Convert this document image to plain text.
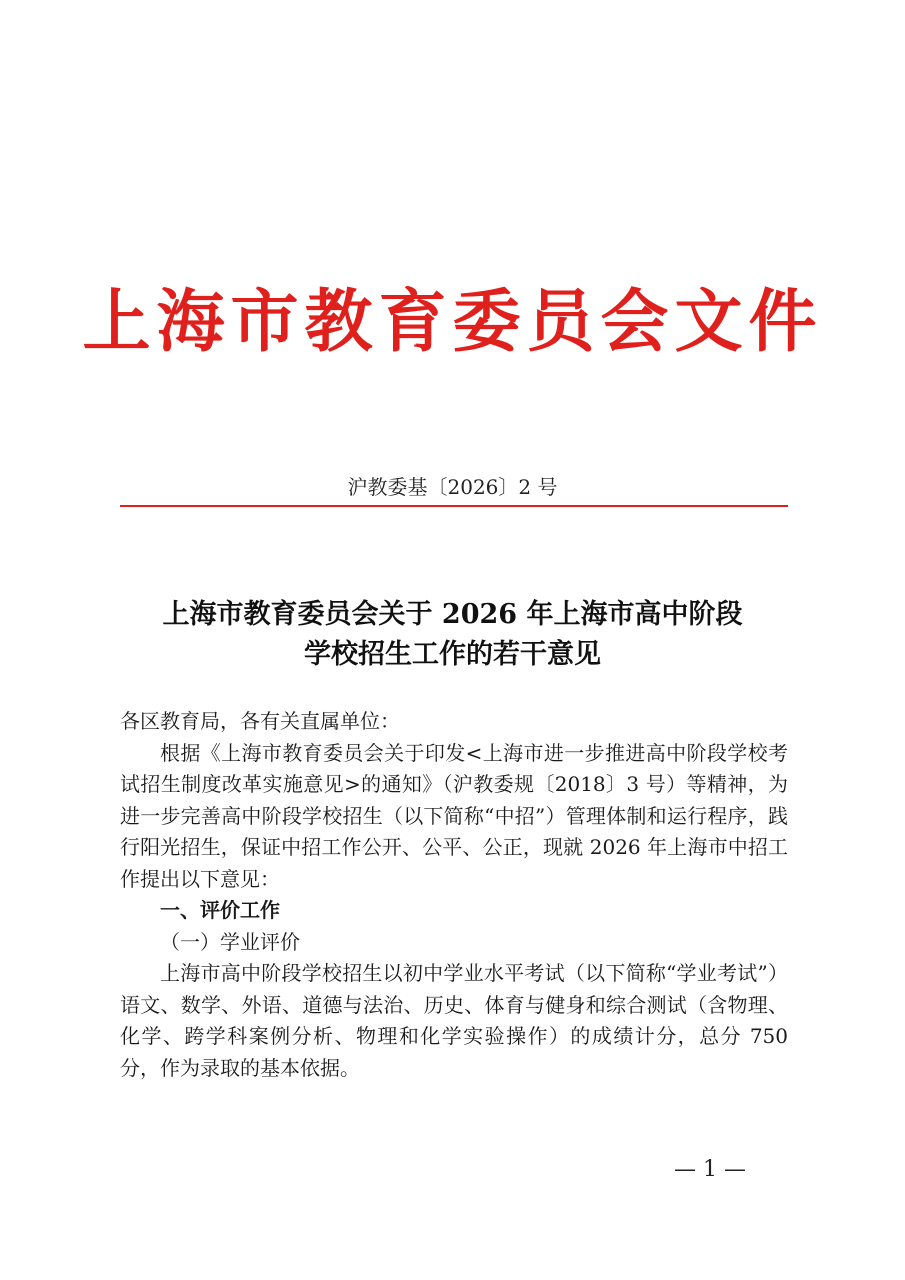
上海市教育委员会文件
沪教委基〔2026〕2 号
上海市教育委员会关于 2026 年上海市高中阶段
学校招生工作的若干意见

各区教育局，各有关直属单位：

根据《上海市教育委员会关于印发<上海市进一步推进高中阶段学校考试招生制度改革实施意见>的通知》（沪教委规〔2018〕3 号）等精神，为进一步完善高中阶段学校招生（以下简称“中招”）管理体制和运行程序，践行阳光招生，保证中招工作公开、公平、公正，现就 2026 年上海市中招工作提出以下意见：

一、评价工作

（一）学业评价

上海市高中阶段学校招生以初中学业水平考试（以下简称“学业考试”）语文、数学、外语、道德与法治、历史、体育与健身和综合测试（含物理、化学、跨学科案例分析、物理和化学实验操作）的成绩计分，总分 750 分，作为录取的基本依据。

— 1 —
